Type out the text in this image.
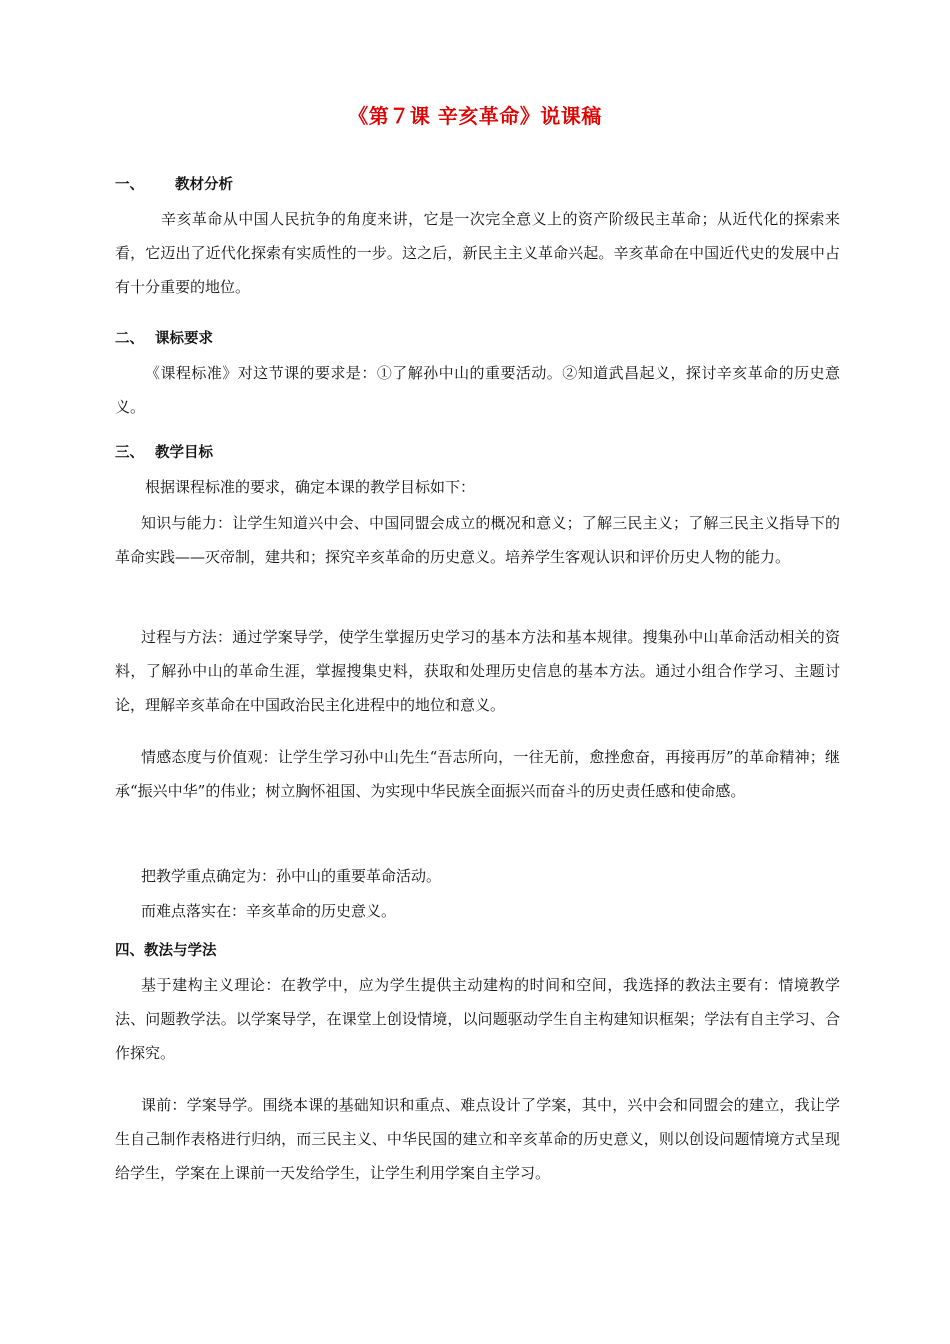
《第７课 辛亥革命》说课稿
一、 教材分析

辛亥革命从中国人民抗争的角度来讲，它是一次完全意义上的资产阶级民主革命；从近代化的探索来看，它迈出了近代化探索有实质性的一步。这之后，新民主主义革命兴起。辛亥革命在中国近代史的发展中占有十分重要的地位。

二、 课标要求

《课程标准》对这节课的要求是：①了解孙中山的重要活动。②知道武昌起义，探讨辛亥革命的历史意义。

三、 教学目标

根据课程标准的要求，确定本课的教学目标如下：

知识与能力：让学生知道兴中会、中国同盟会成立的概况和意义；了解三民主义；了解三民主义指导下的革命实践——灭帝制，建共和；探究辛亥革命的历史意义。培养学生客观认识和评价历史人物的能力。

过程与方法：通过学案导学，使学生掌握历史学习的基本方法和基本规律。搜集孙中山革命活动相关的资料，了解孙中山的革命生涯，掌握搜集史料，获取和处理历史信息的基本方法。通过小组合作学习、主题讨论，理解辛亥革命在中国政治民主化进程中的地位和意义。

情感态度与价值观：让学生学习孙中山先生“吾志所向，一往无前，愈挫愈奋，再接再厉”的革命精神；继承“振兴中华”的伟业；树立胸怀祖国、为实现中华民族全面振兴而奋斗的历史责任感和使命感。

把教学重点确定为：孙中山的重要革命活动。

而难点落实在：辛亥革命的历史意义。

四、教法与学法

基于建构主义理论：在教学中，应为学生提供主动建构的时间和空间，我选择的教法主要有：情境教学法、问题教学法。以学案导学，在课堂上创设情境，以问题驱动学生自主构建知识框架；学法有自主学习、合作探究。

课前：学案导学。围绕本课的基础知识和重点、难点设计了学案，其中，兴中会和同盟会的建立，我让学生自己制作表格进行归纳，而三民主义、中华民国的建立和辛亥革命的历史意义，则以创设问题情境方式呈现给学生，学案在上课前一天发给学生，让学生利用学案自主学习。
